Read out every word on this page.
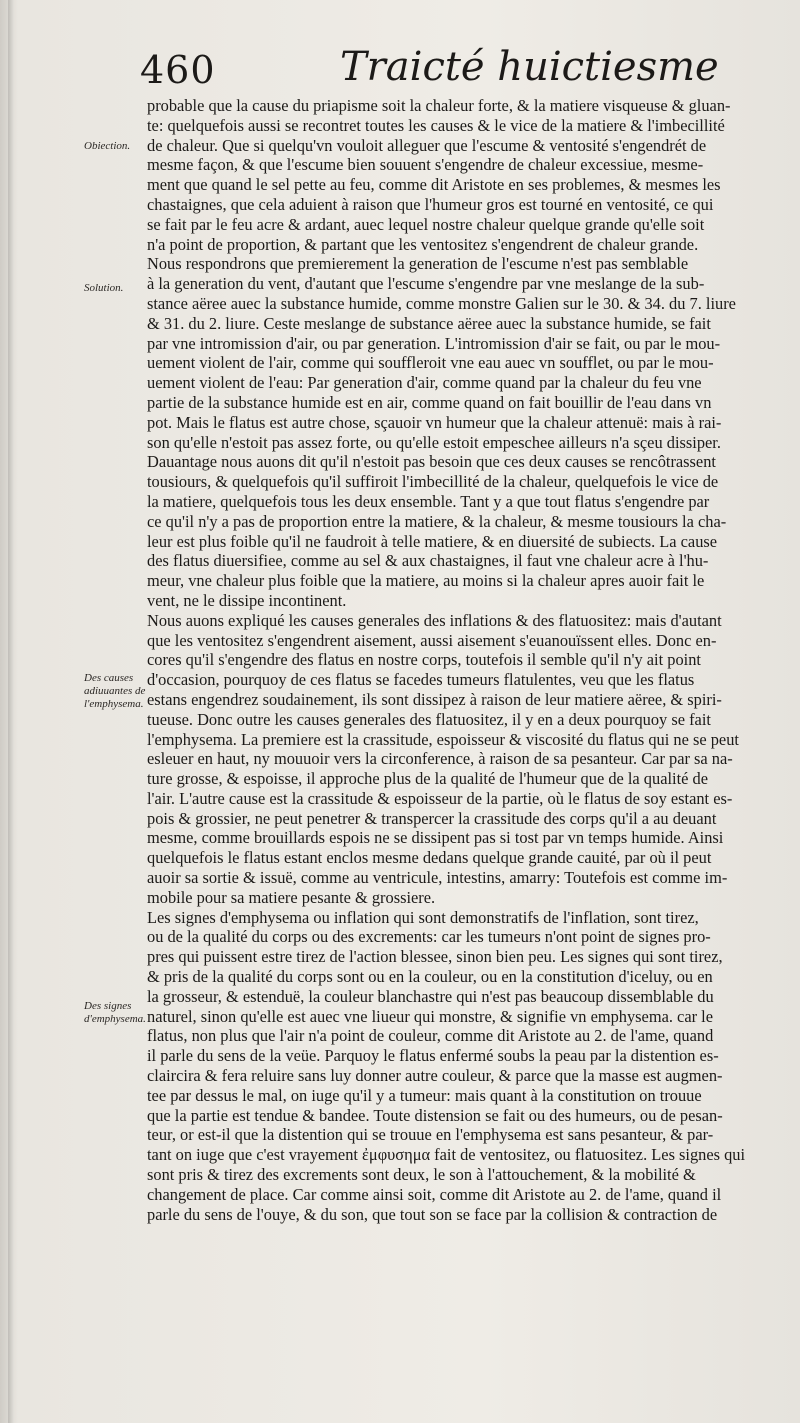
460	Traicté huictiesme
Obiection.
Solution.
Des causes adiuuantes de l'emphysema.
Des signes d'emphysema.
probable que la cause du priapisme soit la chaleur forte, & la matiere visqueuse & gluan-
te: quelquefois aussi se recontret toutes les causes & le vice de la matiere & l'imbecillité
de chaleur. Que si quelqu'vn vouloit alleguer que l'escume & ventosité s'engendrét de
mesme façon, & que l'escume bien souuent s'engendre de chaleur excessiue, mesme-
ment que quand le sel pette au feu, comme dit Aristote en ses problemes, & mesmes les
chastaignes, que cela aduient à raison que l'humeur gros est tourné en ventosité, ce qui
se fait par le feu acre & ardant, auec lequel nostre chaleur quelque grande qu'elle soit
n'a point de proportion, & partant que les ventositez s'engendrent de chaleur grande.
Nous respondrons que premierement la generation de l'escume n'est pas semblable
à la generation du vent, d'autant que l'escume s'engendre par vne meslange de la sub-
stance aëree auec la substance humide, comme monstre Galien sur le 30. & 34. du 7. liure
& 31. du 2. liure. Ceste meslange de substance aëree auec la substance humide, se fait
par vne intromission d'air, ou par generation. L'intromission d'air se fait, ou par le mou-
uement violent de l'air, comme qui souffleroit vne eau auec vn soufflet, ou par le mou-
uement violent de l'eau: Par generation d'air, comme quand par la chaleur du feu vne
partie de la substance humide est en air, comme quand on fait bouillir de l'eau dans vn
pot. Mais le flatus est autre chose, sçauoir vn humeur que la chaleur attenuë: mais à rai-
son qu'elle n'estoit pas assez forte, ou qu'elle estoit empeschee ailleurs n'a sçeu dissiper.
Dauantage nous auons dit qu'il n'estoit pas besoin que ces deux causes se rencôtrassent
tousiours, & quelquefois qu'il suffiroit l'imbecillité de la chaleur, quelquefois le vice de
la matiere, quelquefois tous les deux ensemble. Tant y a que tout flatus s'engendre par
ce qu'il n'y a pas de proportion entre la matiere, & la chaleur, & mesme tousiours la cha-
leur est plus foible qu'il ne faudroit à telle matiere, & en diuersité de subiects. La cause
des flatus diuersifiee, comme au sel & aux chastaignes, il faut vne chaleur acre à l'hu-
meur, vne chaleur plus foible que la matiere, au moins si la chaleur apres auoir fait le
vent, ne le dissipe incontinent.
Nous auons expliqué les causes generales des inflations & des flatuositez: mais d'autant
que les ventositez s'engendrent aisement, aussi aisement s'euanouïssent elles. Donc en-
cores qu'il s'engendre des flatus en nostre corps, toutefois il semble qu'il n'y ait point
d'occasion, pourquoy de ces flatus se facedes tumeurs flatulentes, veu que les flatus
estans engendrez soudainement, ils sont dissipez à raison de leur matiere aëree, & spiri-
tueuse. Donc outre les causes generales des flatuositez, il y en a deux pourquoy se fait
l'emphysema. La premiere est la crassitude, espoisseur & viscosité du flatus qui ne se peut
esleuer en haut, ny mouuoir vers la circonference, à raison de sa pesanteur. Car par sa na-
ture grosse, & espoisse, il approche plus de la qualité de l'humeur que de la qualité de
l'air. L'autre cause est la crassitude & espoisseur de la partie, où le flatus de soy estant es-
pois & grossier, ne peut penetrer & transpercer la crassitude des corps qu'il a au deuant
mesme, comme brouillards espois ne se dissipent pas si tost par vn temps humide. Ainsi
quelquefois le flatus estant enclos mesme dedans quelque grande cauité, par où il peut
auoir sa sortie & issuë, comme au ventricule, intestins, amarry: Toutefois est comme im-
mobile pour sa matiere pesante & grossiere.
Les signes d'emphysema ou inflation qui sont demonstratifs de l'inflation, sont tirez,
ou de la qualité du corps ou des excrements: car les tumeurs n'ont point de signes pro-
pres qui puissent estre tirez de l'action blessee, sinon bien peu. Les signes qui sont tirez,
& pris de la qualité du corps sont ou en la couleur, ou en la constitution d'iceluy, ou en
la grosseur, & estenduë, la couleur blanchastre qui n'est pas beaucoup dissemblable du
naturel, sinon qu'elle est auec vne liueur qui monstre, & signifie vn emphysema. car le
flatus, non plus que l'air n'a point de couleur, comme dit Aristote au 2. de l'ame, quand
il parle du sens de la veüe. Parquoy le flatus enfermé soubs la peau par la distention es-
claircira & fera reluire sans luy donner autre couleur, & parce que la masse est augmen-
tee par dessus le mal, on iuge qu'il y a tumeur: mais quant à la constitution on trouue
que la partie est tendue & bandee. Toute distension se fait ou des humeurs, ou de pesan-
teur, or est-il que la distention qui se trouue en l'emphysema est sans pesanteur, & par-
tant on iuge que c'est vrayement ἐμφυσημα fait de ventositez, ou flatuositez. Les signes qui
sont pris & tirez des excrements sont deux, le son à l'attouchement, & la mobilité &
changement de place. Car comme ainsi soit, comme dit Aristote au 2. de l'ame, quand il
parle du sens de l'ouye, & du son, que tout son se face par la collision & contraction de
